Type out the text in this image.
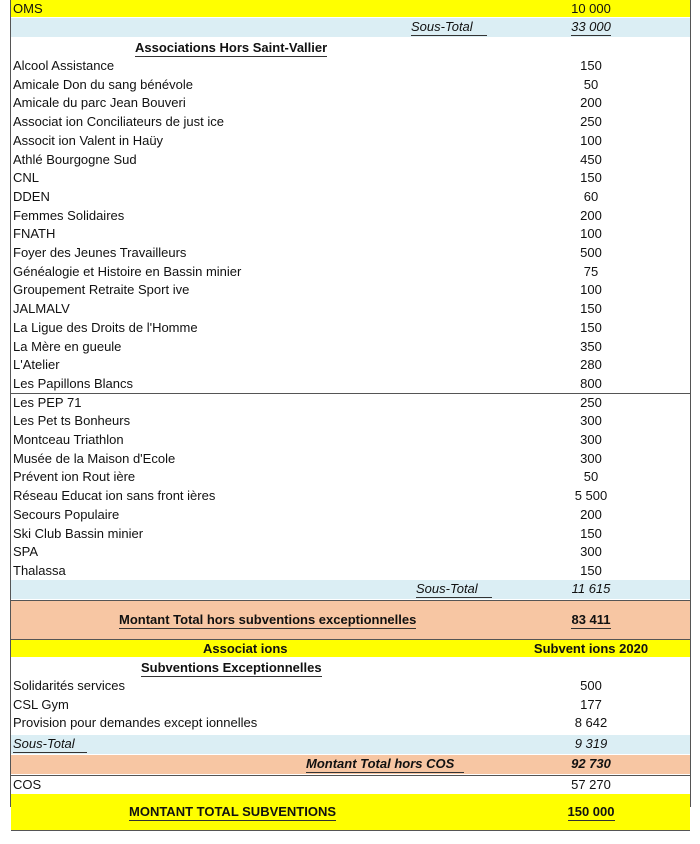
OMS	10 000
Sous-Total	33 000
Associations Hors Saint-Vallier
Alcool Assistance	150
Amicale Don du sang bénévole	50
Amicale du parc Jean Bouveri	200
Associat ion Conciliateurs de just ice	250
Associt ion Valent in Haüy	100
Athlé Bourgogne Sud	450
CNL	150
DDEN	60
Femmes Solidaires	200
FNATH	100
Foyer des Jeunes Travailleurs	500
Généalogie et Histoire en Bassin minier	75
Groupement Retraite Sport ive	100
JALMALV	150
La Ligue des Droits de l'Homme	150
La Mère en gueule	350
L'Atelier	280
Les Papillons Blancs	800
Les PEP 71	250
Les Pet ts Bonheurs	300
Montceau Triathlon	300
Musée de la Maison d'Ecole	300
Prévent ion Rout ière	50
Réseau Educat ion sans front ières	5 500
Secours Populaire	200
Ski Club Bassin minier	150
SPA	300
Thalassa	150
Sous-Total	11 615
Montant Total hors subventions exceptionnelles	83 411
Associat ions	Subvent ions 2020
Subventions Exceptionnelles
Solidarités services	500
CSL Gym	177
Provision pour demandes except ionnelles	8 642
Sous-Total	9 319
Montant Total hors COS	92 730
COS	57 270
MONTANT TOTAL SUBVENTIONS	150 000
